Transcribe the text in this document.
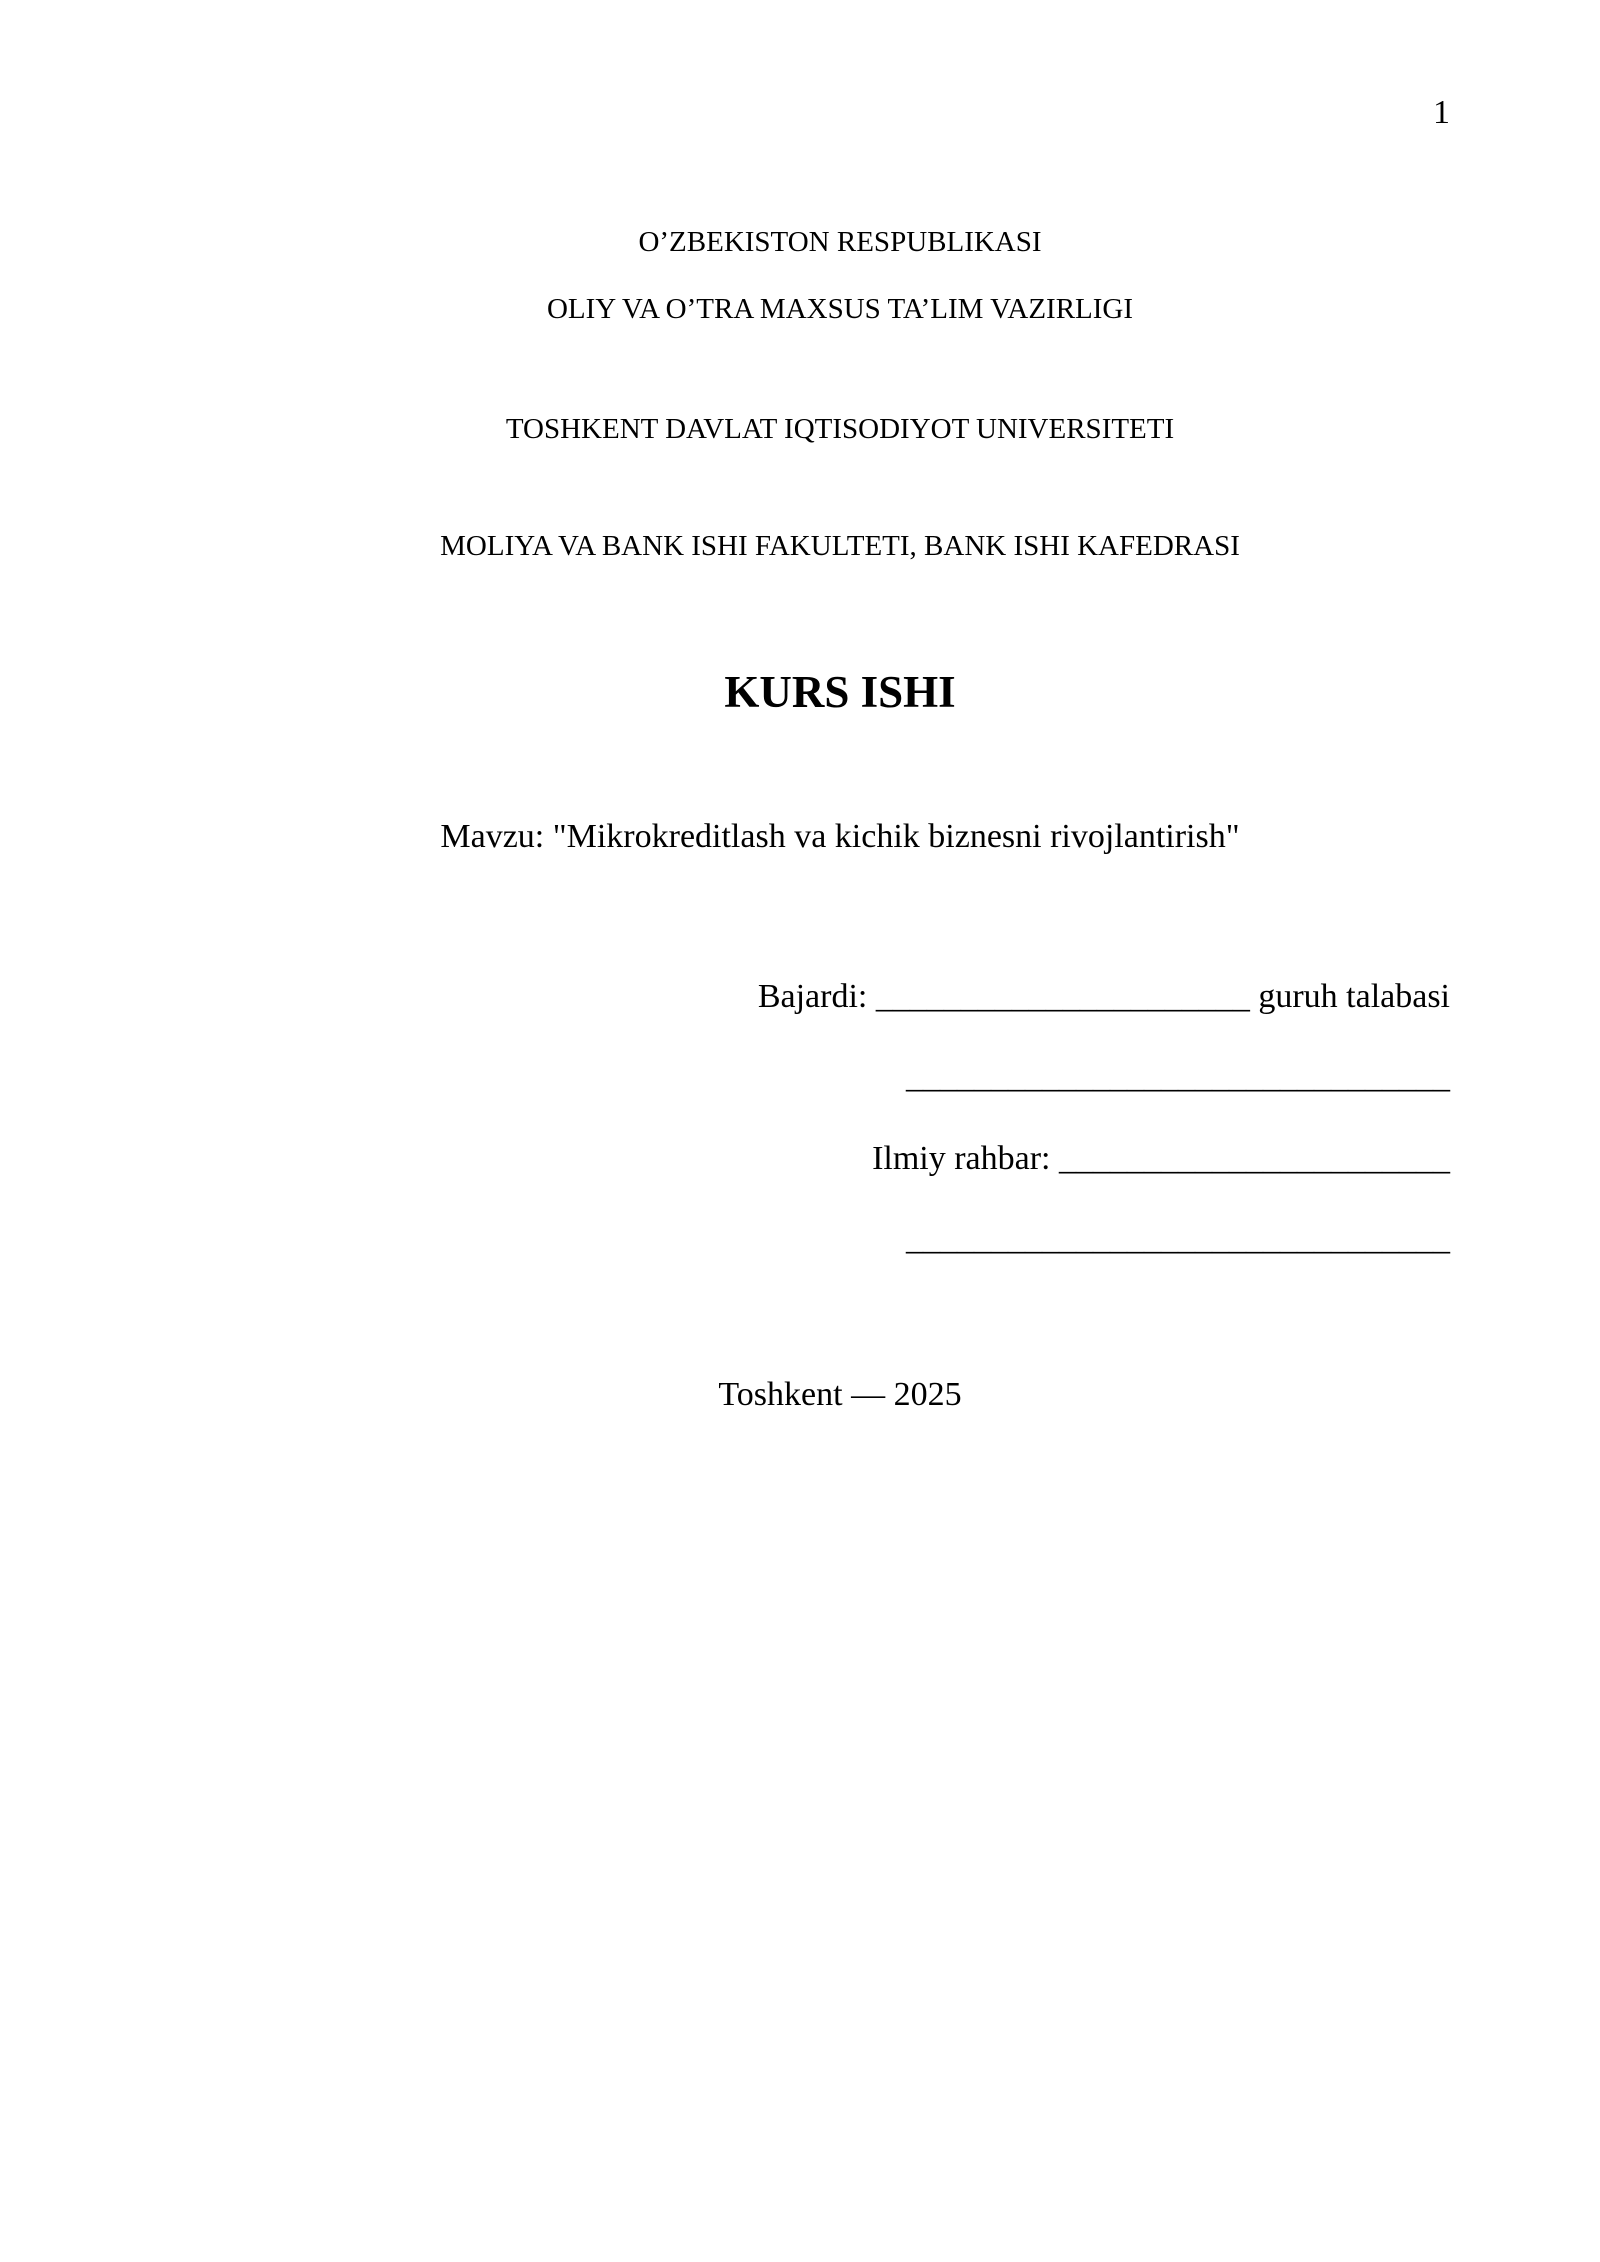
1
O’ZBEKISTON RESPUBLIKASI
OLIY VA O’TRA MAXSUS TA’LIM VAZIRLIGI
TOSHKENT DAVLAT IQTISODIYOT UNIVERSITETI
MOLIYA VA BANK ISHI FAKULTETI, BANK ISHI KAFEDRASI
KURS ISHI
Mavzu: "Mikrokreditlash va kichik biznesni rivojlantirish"
Bajardi: ______________________ guruh talabasi
________________________________
Ilmiy rahbar: _______________________
________________________________
Toshkent — 2025
